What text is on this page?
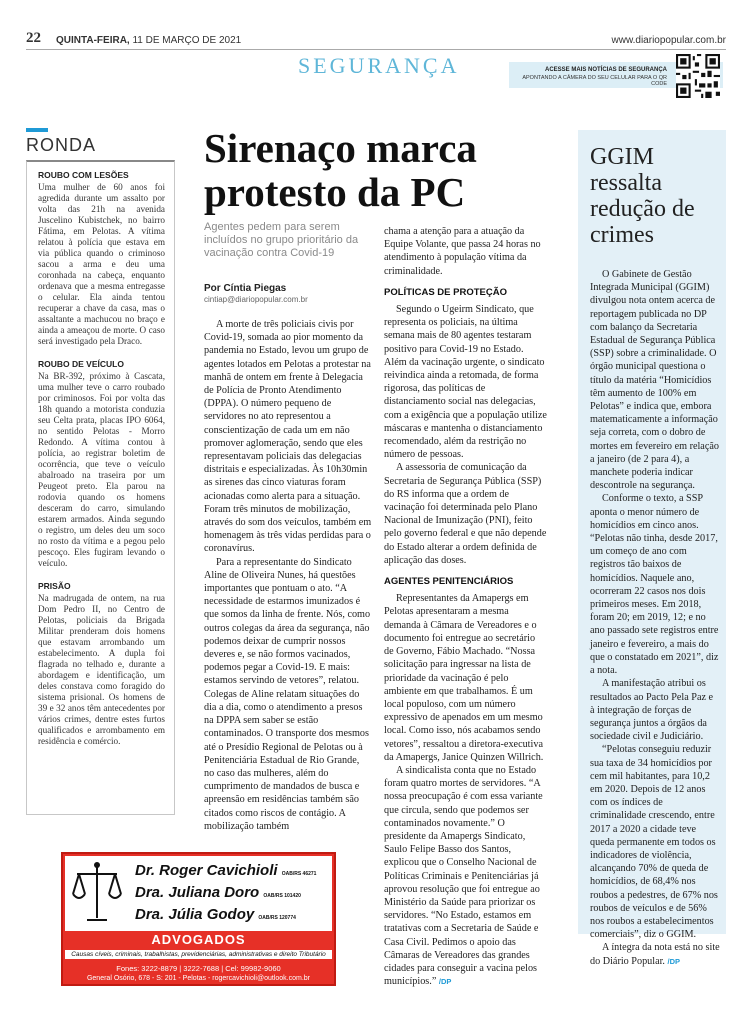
22 QUINTA-FEIRA, 11 DE MARÇO DE 2021	www.diariopopular.com.br
SEGURANÇA	ACESSE MAIS NOTÍCIAS DE SEGURANÇA
APONTANDO A CÂMERA DO SEU CELULAR PARA O QR CODE
RONDA
ROUBO COM LESÕES
Uma mulher de 60 anos foi agredida durante um assalto por volta das 21h na avenida Juscelino Kubistchek, no bairro Fátima, em Pelotas. A vítima relatou à polícia que estava em via pública quando o criminoso sacou a arma e deu uma coronhada na cabeça, enquanto ordenava que a mesma entregasse o celular. Ela ainda tentou recuperar a chave da casa, mas o assaltante a machucou no braço e ainda a ameaçou de morte. O caso será investigado pela Draco.
ROUBO DE VEÍCULO
Na BR-392, próximo à Cascata, uma mulher teve o carro roubado por criminosos. Foi por volta das 18h quando a motorista conduzia seu Celta prata, placas IPO 6064, no sentido Pelotas - Morro Redondo. A vítima contou à polícia, ao registrar boletim de ocorrência, que teve o veículo abalroado na traseira por um Peugeot preto. Ela parou na rodovia quando os homens desceram do carro, simulando estarem armados. Ainda segundo o registro, um deles deu um soco no rosto da vítima e a pegou pelo pescoço. Eles fugiram levando o veículo.
PRISÃO
Na madrugada de ontem, na rua Dom Pedro II, no Centro de Pelotas, policiais da Brigada Militar prenderam dois homens que estavam arrombando um estabelecimento. A dupla foi flagrada no telhado e, durante a abordagem e identificação, um deles constava como foragido do sistema prisional. Os homens de 39 e 32 anos têm antecedentes por vários crimes, dentre estes furtos qualificados e arrombamento em residência e comércio.
Sirenaço marca protesto da PC
Agentes pedem para serem incluídos no grupo prioritário da vacinação contra Covid-19
Por Cíntia Piegas
cintiap@diariopopular.com.br

A morte de três policiais civis por Covid-19, somada ao pior momento da pandemia no Estado, levou um grupo de agentes lotados em Pelotas a protestar na manhã de ontem em frente à Delegacia de Polícia de Pronto Atendimento (DPPA). O número pequeno de servidores no ato representou a conscientização de cada um em não promover aglomeração, sendo que eles representavam policiais das delegacias distritais e especializadas. Às 10h30min as sirenes das cinco viaturas foram acionadas como alerta para a situação. Foram três minutos de mobilização, através do som dos veículos, também em homenagem às três vidas perdidas para o coronavírus.

Para a representante do Sindicato Aline de Oliveira Nunes, há questões importantes que pontuam o ato. “A necessidade de estarmos imunizados é que somos da linha de frente. Nós, como outros colegas da área da segurança, não podemos deixar de cumprir nossos deveres e, se não formos vacinados, podemos pegar a Covid-19. E mais: estamos servindo de vetores”, relatou. Colegas de Aline relatam situações do dia a dia, como o atendimento a presos na DPPA sem saber se estão contaminados. O transporte dos mesmos até o Presídio Regional de Pelotas ou à Penitenciária Estadual de Rio Grande, no caso das mulheres, além do cumprimento de mandados de busca e apreensão em residências também são citados como riscos de contágio. A mobilização também

chama a atenção para a atuação da Equipe Volante, que passa 24 horas no atendimento à população vítima da criminalidade.

POLÍTICAS DE PROTEÇÃO

Segundo o Ugeirm Sindicato, que representa os policiais, na última semana mais de 80 agentes testaram positivo para Covid-19 no Estado. Além da vacinação urgente, o sindicato reivindica ainda a retomada, de forma rigorosa, das políticas de distanciamento social nas delegacias, com a exigência que a população utilize máscaras e mantenha o distanciamento recomendado, além da restrição no número de pessoas.

A assessoria de comunicação da Secretaria de Segurança Pública (SSP) do RS informa que a ordem de vacinação foi determinada pelo Plano Nacional de Imunização (PNI), feito pelo governo federal e que não depende do Estado alterar a ordem definida de aplicação das doses.

AGENTES PENITENCIÁRIOS

Representantes da Amapergs em Pelotas apresentaram a mesma demanda à Câmara de Vereadores e o documento foi entregue ao secretário de Governo, Fábio Machado. “Nossa solicitação para ingressar na lista de prioridade da vacinação é pelo ambiente em que trabalhamos. É um local populoso, com um número expressivo de apenados em um mesmo local. Como isso, nós acabamos sendo vetores”, ressaltou a diretora-executiva da Amapergs, Janice Quinzen Willrich.

A sindicalista conta que no Estado foram quatro mortes de servidores. “A nossa preocupação é com essa variante que circula, sendo que podemos ser contaminados novamente.” O presidente da Amapergs Sindicato, Saulo Felipe Basso dos Santos, explicou que o Conselho Nacional de Políticas Criminais e Penitenciárias já aprovou resolução que foi entregue ao Ministério da Saúde para priorizar os servidores. “No Estado, estamos em tratativas com a Secretaria de Saúde e Casa Civil. Pedimos o apoio das Câmaras de Vereadores das grandes cidades para conseguir a vacina pelos municípios.” /DP

GGIM ressalta redução de crimes

O Gabinete de Gestão Integrada Municipal (GGIM) divulgou nota ontem acerca de reportagem publicada no DP com balanço da Secretaria Estadual de Segurança Pública (SSP) sobre a criminalidade. O órgão municipal questiona o título da matéria “Homicídios têm aumento de 100% em Pelotas” e indica que, embora matematicamente a informação seja correta, com o dobro de mortes em fevereiro em relação a janeiro (de 2 para 4), a manchete poderia indicar descontrole na segurança.

Conforme o texto, a SSP aponta o menor número de homicídios em cinco anos. “Pelotas não tinha, desde 2017, um começo de ano com registros tão baixos de homicídios. Naquele ano, ocorreram 22 casos nos dois primeiros meses. Em 2018, foram 20; em 2019, 12; e no ano passado sete registros entre janeiro e fevereiro, a mais do que o constatado em 2021”, diz a nota.

A manifestação atribui os resultados ao Pacto Pela Paz e à integração de forças de segurança juntos a órgãos da sociedade civil e Judiciário.

“Pelotas conseguiu reduzir sua taxa de 34 homicídios por cem mil habitantes, para 10,2 em 2020. Depois de 12 anos com os índices de criminalidade crescendo, entre 2017 a 2020 a cidade teve queda permanente em todos os indicadores de violência, alcançando 70% de queda de homicídios, de 68,4% nos roubos a pedestres, de 67% nos roubos de veículos e de 56% nos roubos a estabelecimentos comerciais”, diz o GGIM.

A íntegra da nota está no site do Diário Popular. /DP

Dr. Roger Cavichioli OAB/RS 46271
Dra. Juliana Doro OAB/RS 101420
Dra. Júlia Godoy OAB/RS 120774
ADVOGADOS
Causas cíveis, criminais, trabalhistas, previdenciárias, administrativas e direito Tributário
Fones: 3222-8879 | 3222-7688 | Cel: 99982-9060
General Osório, 678 - S: 201 - Pelotas - rogercavichioli@outlook.com.br
